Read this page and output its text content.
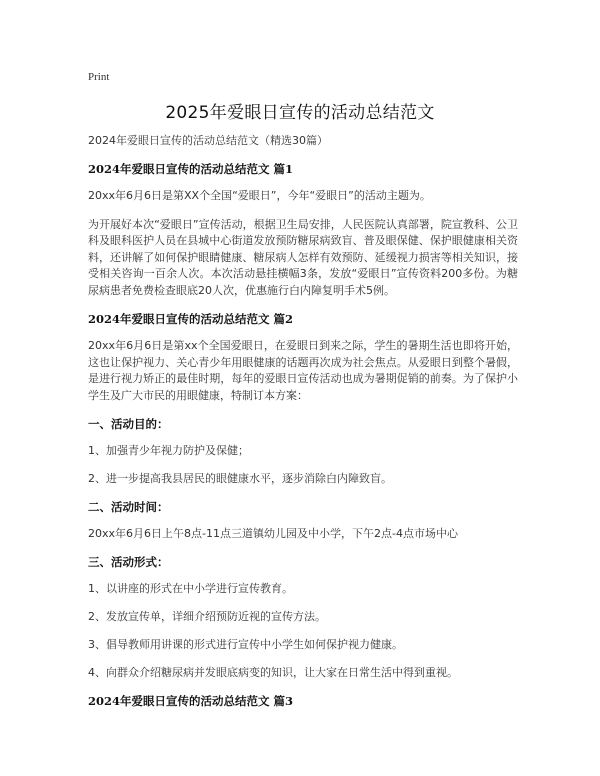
Print
2025年爱眼日宣传的活动总结范文
2024年爱眼日宣传的活动总结范文（精选30篇）
2024年爱眼日宣传的活动总结范文 篇1

20xx年6月6日是第XX个全国“爱眼日”，今年“爱眼日”的活动主题为。

为开展好本次“爱眼日”宣传活动，根据卫生局安排，人民医院认真部署，院宣教科、公卫科及眼科医护人员在县城中心街道发放预防糖尿病致盲、普及眼保健、保护眼健康相关资料，还讲解了如何保护眼睛健康、糖尿病人怎样有效预防、延缓视力损害等相关知识，接受相关咨询一百余人次。本次活动悬挂横幅3条，发放“爱眼日”宣传资料200多份。为糖尿病患者免费检查眼底20人次，优惠施行白内障复明手术5例。

2024年爱眼日宣传的活动总结范文 篇2

20xx年6月6日是第xx个全国爱眼日，在爱眼日到来之际，学生的暑期生活也即将开始，这也让保护视力、关心青少年用眼健康的话题再次成为社会焦点。从爱眼日到整个暑假，是进行视力矫正的最佳时期，每年的爱眼日宣传活动也成为暑期促销的前奏。为了保护小学生及广大市民的用眼健康，特制订本方案：

一、活动目的：
1、加强青少年视力防护及保健；
2、进一步提高我县居民的眼健康水平，逐步消除白内障致盲。
二、活动时间：
20xx年6月6日上午8点-11点三道镇幼儿园及中小学，下午2点-4点市场中心
三、活动形式：
1、以讲座的形式在中小学进行宣传教育。
2、发放宣传单，详细介绍预防近视的宣传方法。
3、倡导教师用讲课的形式进行宣传中小学生如何保护视力健康。
4、向群众介绍糖尿病并发眼底病变的知识，让大家在日常生活中得到重视。
2024年爱眼日宣传的活动总结范文 篇3
